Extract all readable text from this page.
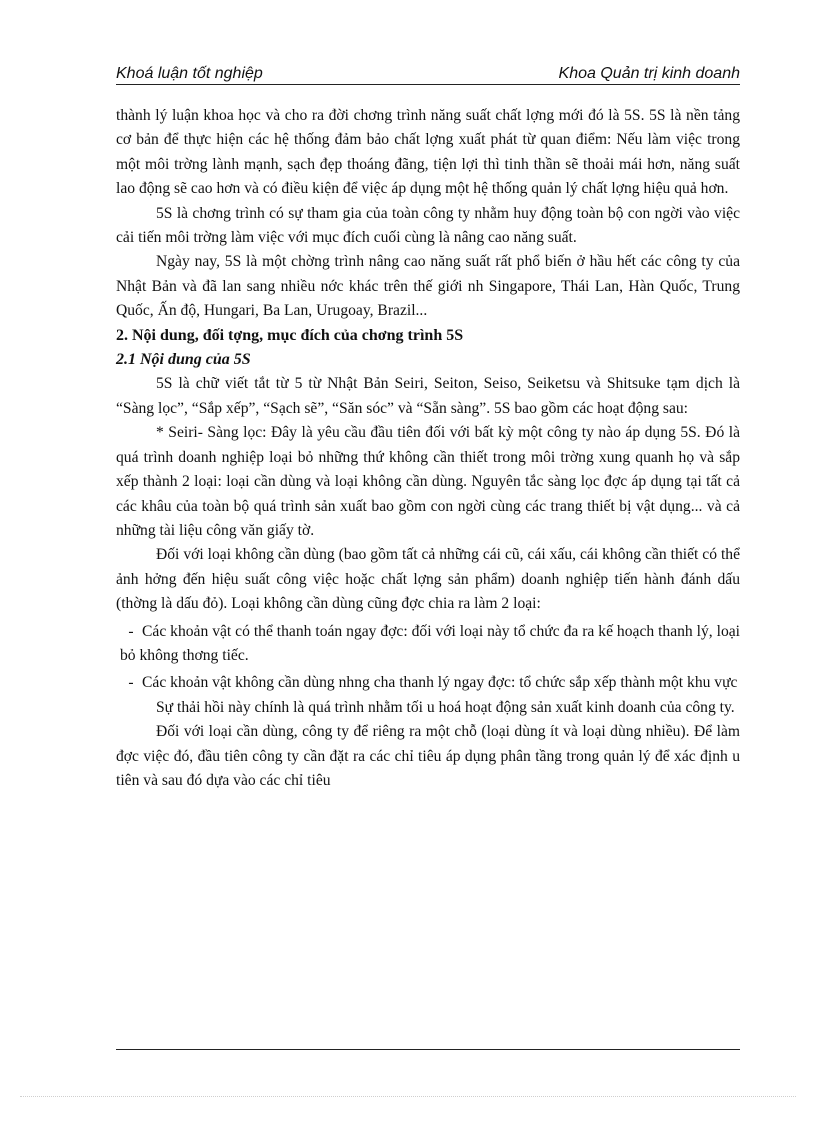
Khoá luận tốt nghiệp	Khoa Quản trị kinh doanh

thành lý luận khoa học và cho ra đời chơng trình năng suất chất lợng mới đó là 5S. 5S là nền tảng cơ bản để thực hiện các hệ thống đảm bảo chất lợng xuất phát từ quan điểm: Nếu làm việc trong một môi trờng lành mạnh, sạch đẹp thoáng đãng, tiện lợi thì tinh thần sẽ thoải mái hơn, năng suất lao động sẽ cao hơn và có điều kiện để việc áp dụng một hệ thống quản lý chất lợng hiệu quả hơn.

5S là chơng trình có sự tham gia của toàn công ty nhằm huy động toàn bộ con ngời vào việc cải tiến môi trờng làm việc với mục đích cuối cùng là nâng cao năng suất.

Ngày nay, 5S là một chờng trình nâng cao năng suất rất phổ biến ở hầu hết các công ty của Nhật Bản và đã lan sang nhiều nớc khác trên thế giới nh Singapore, Thái Lan, Hàn Quốc, Trung Quốc, Ấn độ, Hungari, Ba Lan, Urugoay, Brazil...

2. Nội dung, đối tợng, mục đích của chơng trình 5S

2.1 Nội dung của 5S

5S là chữ viết tắt từ 5 từ Nhật Bản Seiri, Seiton, Seiso, Seiketsu và Shitsuke tạm dịch là “Sàng lọc”, “Sắp xếp”, “Sạch sẽ”, “Săn sóc” và “Sẵn sàng”. 5S bao gồm các hoạt động sau:

* Seiri- Sàng lọc: Đây là yêu cầu đầu tiên đối với bất kỳ một công ty nào áp dụng 5S. Đó là quá trình doanh nghiệp loại bỏ những thứ không cần thiết trong môi trờng xung quanh họ và sắp xếp thành 2 loại: loại cần dùng và loại không cần dùng. Nguyên tắc sàng lọc đợc áp dụng tại tất cả các khâu của toàn bộ quá trình sản xuất bao gồm con ngời cùng các trang thiết bị vật dụng... và cả những tài liệu công văn giấy tờ.

Đối với loại không cần dùng (bao gồm tất cả những cái cũ, cái xấu, cái không cần thiết có thể ảnh hởng đến hiệu suất công việc hoặc chất lợng sản phẩm) doanh nghiệp tiến hành đánh dấu (thờng là dấu đỏ). Loại không cần dùng cũng đợc chia ra làm 2 loại:

- Các khoản vật có thể thanh toán ngay đợc: đối với loại này tổ chức đa ra kế hoạch thanh lý, loại bỏ không thơng tiếc.

- Các khoản vật không cần dùng nhng cha thanh lý ngay đợc: tổ chức sắp xếp thành một khu vực

Sự thải hồi này chính là quá trình nhằm tối u hoá hoạt động sản xuất kinh doanh của công ty.

Đối với loại cần dùng, công ty để riêng ra một chỗ (loại dùng ít và loại dùng nhiều). Để làm đợc việc đó, đầu tiên công ty cần đặt ra các chỉ tiêu áp dụng phân tầng trong quản lý để xác định u tiên và sau đó dựa vào các chỉ tiêu
